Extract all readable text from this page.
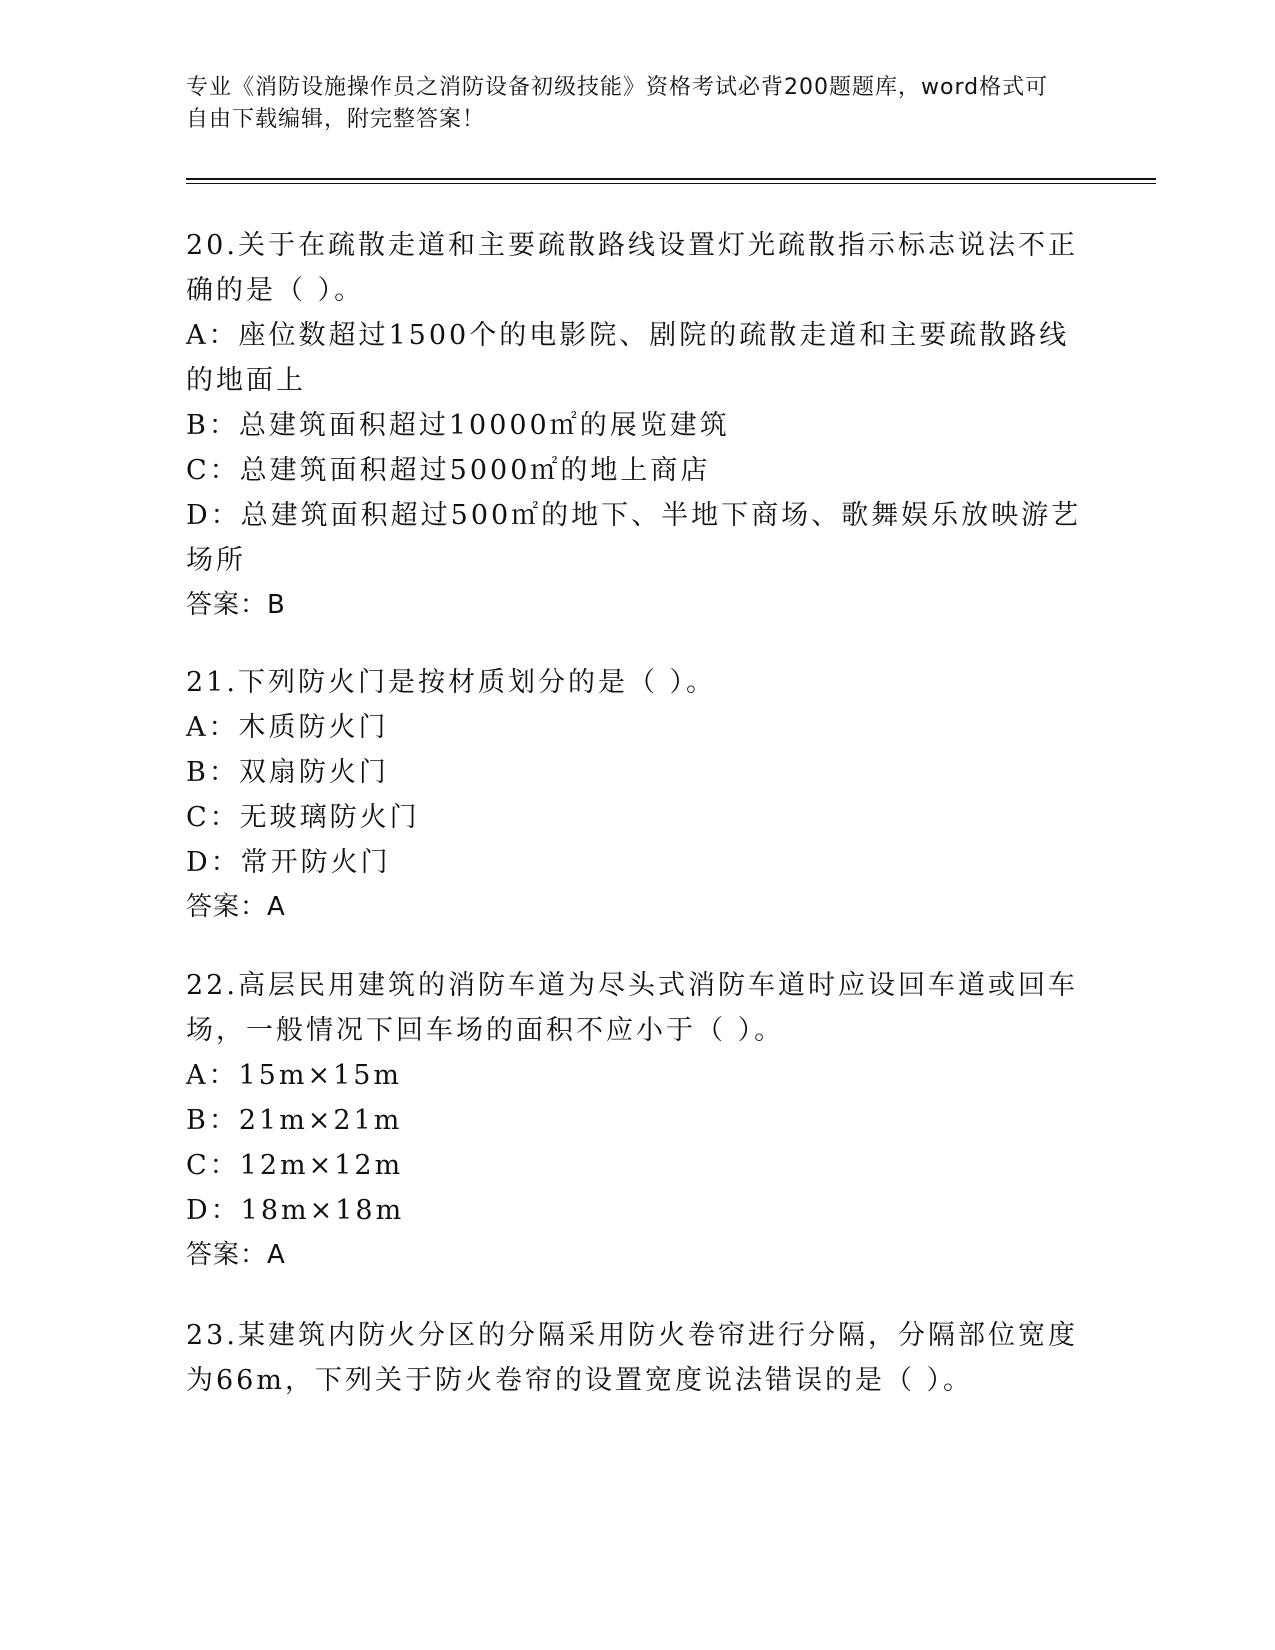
专业《消防设施操作员之消防设备初级技能》资格考试必背200题题库，word格式可自由下载编辑，附完整答案！
20.关于在疏散走道和主要疏散路线设置灯光疏散指示标志说法不正确的是（ ）。
A：座位数超过1500个的电影院、剧院的疏散走道和主要疏散路线的地面上
B：总建筑面积超过10000㎡的展览建筑
C：总建筑面积超过5000㎡的地上商店
D：总建筑面积超过500㎡的地下、半地下商场、歌舞娱乐放映游艺场所
答案：B
21.下列防火门是按材质划分的是（ ）。
A：木质防火门
B：双扇防火门
C：无玻璃防火门
D：常开防火门
答案：A
22.高层民用建筑的消防车道为尽头式消防车道时应设回车道或回车场，一般情况下回车场的面积不应小于（ ）。
A：15m×15m
B：21m×21m
C：12m×12m
D：18m×18m
答案：A
23.某建筑内防火分区的分隔采用防火卷帘进行分隔，分隔部位宽度为66m，下列关于防火卷帘的设置宽度说法错误的是（ ）。
